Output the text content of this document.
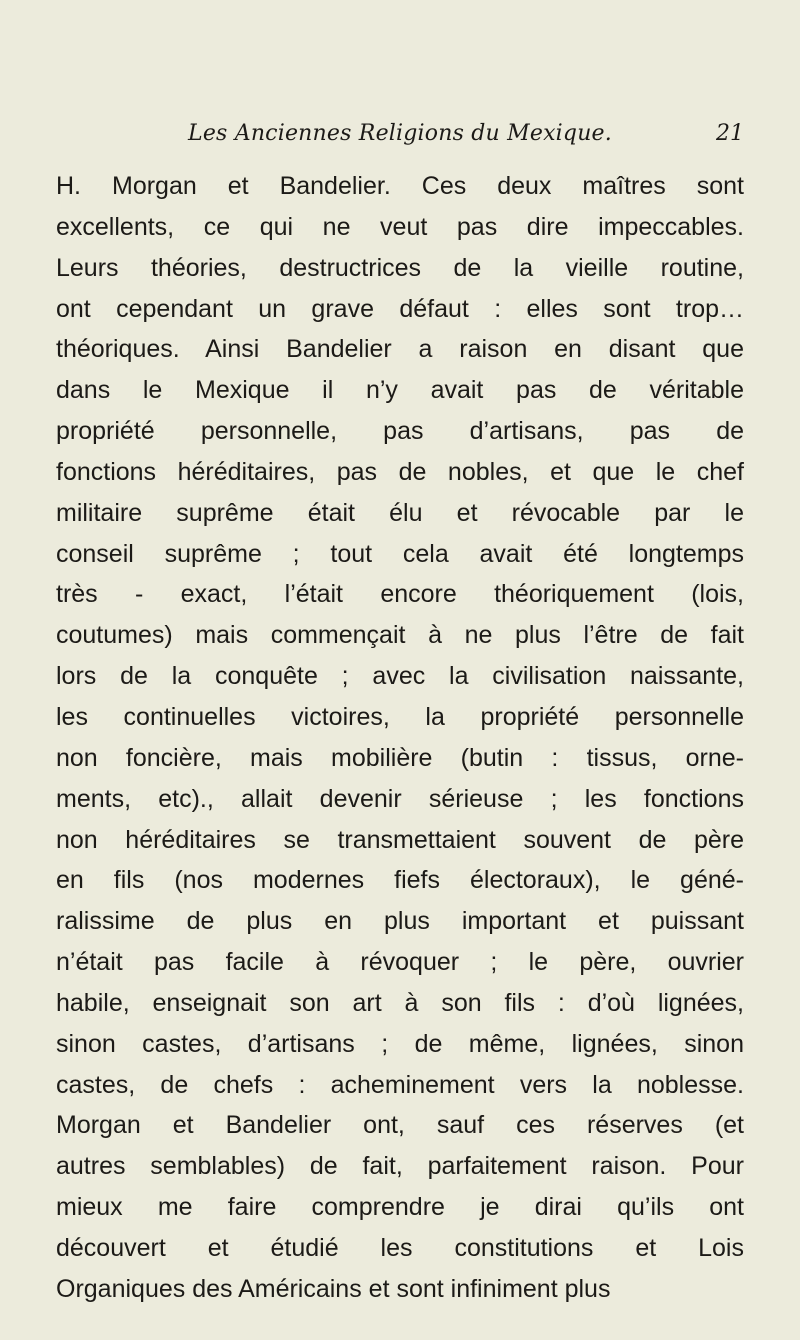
Les Anciennes Religions du Mexique.	21
H. Morgan et Bandelier. Ces deux maîtres sont
excellents, ce qui ne veut pas dire impeccables.
Leurs théories, destructrices de la vieille routine,
ont cependant un grave défaut : elles sont trop…
théoriques. Ainsi Bandelier a raison en disant que
dans le Mexique il n’y avait pas de véritable
propriété personnelle, pas d’artisans, pas de
fonctions héréditaires, pas de nobles, et que le chef
militaire suprême était élu et révocable par le
conseil suprême ; tout cela avait été longtemps
très - exact, l’était encore théoriquement (lois,
coutumes) mais commençait à ne plus l’être de fait
lors de la conquête ; avec la civilisation naissante,
les continuelles victoires, la propriété personnelle
non foncière, mais mobilière (butin : tissus, orne-
ments, etc)., allait devenir sérieuse ; les fonctions
non héréditaires se transmettaient souvent de père
en fils (nos modernes fiefs électoraux), le géné-
ralissime de plus en plus important et puissant
n’était pas facile à révoquer ; le père, ouvrier
habile, enseignait son art à son fils : d’où lignées,
sinon castes, d’artisans ; de même, lignées, sinon
castes, de chefs : acheminement vers la noblesse.
Morgan et Bandelier ont, sauf ces réserves (et
autres semblables) de fait, parfaitement raison. Pour
mieux me faire comprendre je dirai qu’ils ont
découvert et étudié les constitutions et Lois
Organiques des Américains et sont infiniment plus
